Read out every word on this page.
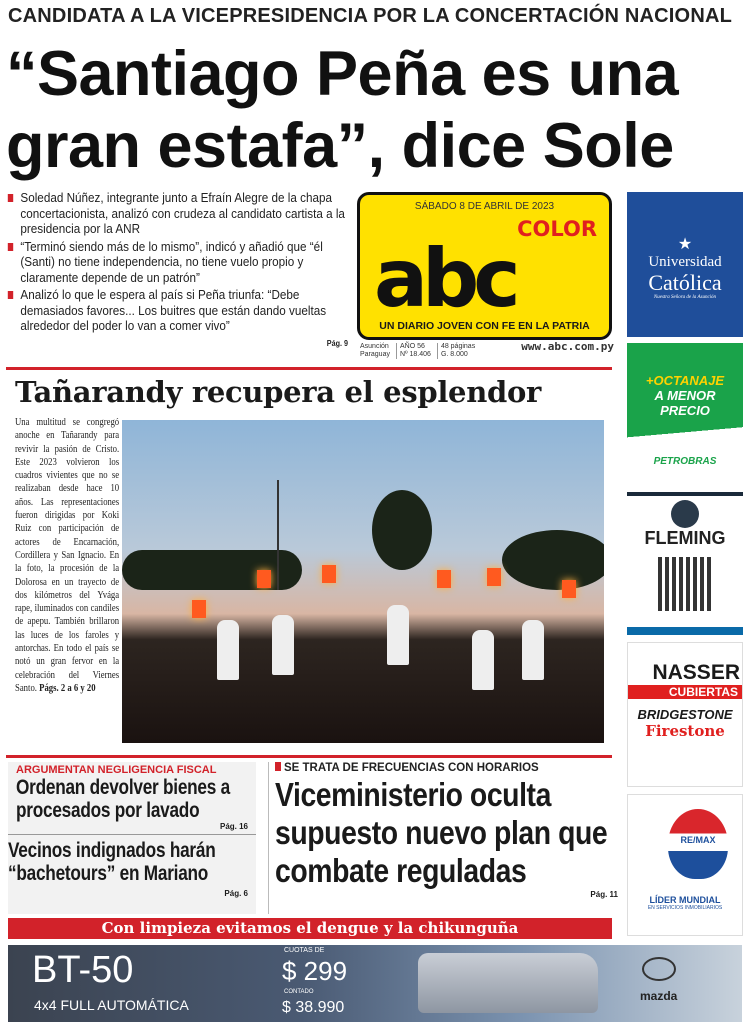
CANDIDATA A LA VICEPRESIDENCIA POR LA CONCERTACIÓN NACIONAL
“Santiago Peña es una
gran estafa”, dice Sole
Soledad Núñez, integrante junto a Efraín Alegre de la chapa concertacionista, analizó con crudeza al candidato cartista a la presidencia por la ANR
“Terminó siendo más de lo mismo”, indicó y añadió que “él (Santi) no tiene independencia, no tiene vuelo propio y claramente depende de un patrón”
Analizó lo que le espera al país si Peña triunfa: “Debe demasiados favores... Los buitres que están dando vueltas alrededor del poder lo van a comer vivo”
Pág. 9
SÁBADO 8 DE ABRIL DE 2023
COLOR
abc
UN DIARIO JOVEN CON FE EN LA PATRIA
Asunción
Paraguay
AÑO 56
Nº 18.406
48 páginas
G. 8.000
www.abc.com.py
Tañarandy recupera el esplendor
Una multitud se congregó anoche en Tañarandy para revivir la pasión de Cristo. Este 2023 volvieron los cuadros vivientes que no se realizaban desde hace 10 años. Las representaciones fueron dirigidas por Koki Ruiz con participación de actores de Encarnación, Cordillera y San Ignacio. En la foto, la procesión de la Dolorosa en un trayecto de dos kilómetros del Yvága rape, iluminados con candiles de apepu. También brillaron las luces de los faroles y antorchas. En todo el país se notó un gran fervor en la celebración del Viernes Santo. Págs. 2 a 6 y 20
ARGUMENTAN NEGLIGENCIA FISCAL
Ordenan devolver bienes a procesados por lavado
Pág. 16
Vecinos indignados harán “bachetours” en Mariano
Pág. 6
SE TRATA DE FRECUENCIAS CON HORARIOS
Viceministerio oculta supuesto nuevo plan que combate reguladas
Pág. 11
Con limpieza evitamos el dengue y la chikunguña
★
Universidad
Católica
Nuestra Señora de la Asunción
+OCTANAJE
A MENOR
PRECIO
PETROBRAS
FLEMING
NASSER
CUBIERTAS
BRIDGESTONE
Firestone
RE/MAX
LÍDER MUNDIAL
EN SERVICIOS INMOBILIARIOS
BT-50
4x4 FULL AUTOMÁTICA
CUOTAS DE
$ 299
CONTADO
$ 38.990
mazda
